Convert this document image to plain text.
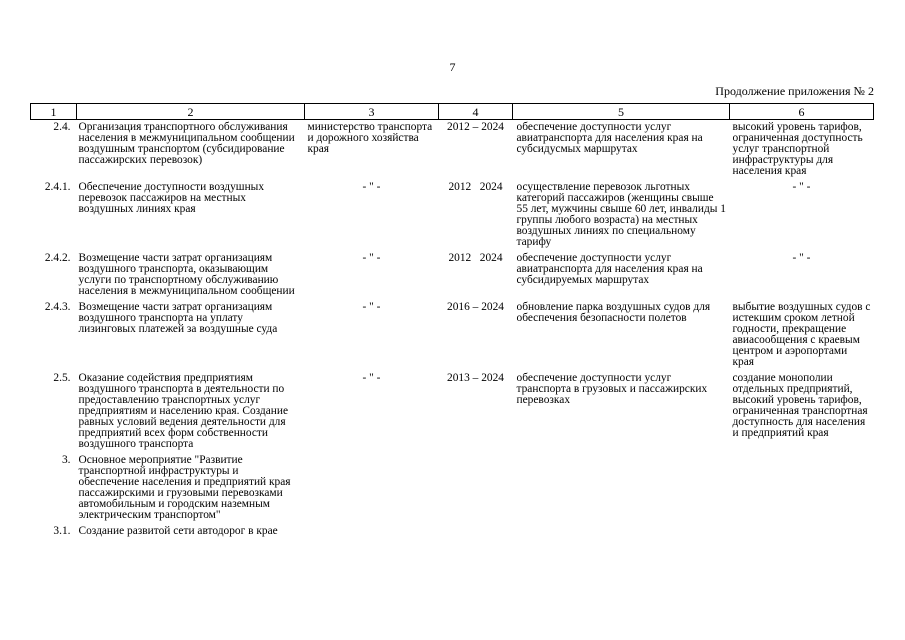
7
Продолжение приложения № 2
1	2	3	4	5	6
2.4.	Организация транспортного обслуживания населения в межмуниципальном сообщении воздушным транспортом (субсидирование пассажирских перевозок)	министерство транспорта и дорожного хозяйства края	2012 – 2024	обеспечение доступности услуг авиатранспорта для населения края на субсидусмых маршрутах	высокий уровень тарифов, ограниченная доступность услуг транспортной инфраструктуры для населения края
2.4.1.	Обеспечение доступности воздушных перевозок пассажиров на местных воздушных линиях края	- " -	2012   2024	осуществление перевозок льготных категорий пассажиров (женщины свыше 55 лет, мужчины свыше 60 лет, инвалиды 1 группы любого возраста) на местных воздушных линиях по специальному тарифу	- " -
2.4.2.	Возмещение части затрат организациям воздушного транспорта, оказывающим услуги по транспортному обслуживанию населения в межмуниципальном сообщении	- " -	2012   2024	обеспечение доступности услуг авиатранспорта для населения края на субсидируемых маршрутах	- " -
2.4.3.	Возмещение части затрат организациям воздушного транспорта на уплату лизинговых платежей за воздушные суда	- " -	2016 – 2024	обновление парка воздушных судов для обеспечения безопасности полетов	выбытие воздушных судов с истекшим сроком летной годности, прекращение авиасообщения с краевым центром и аэропортами края
2.5.	Оказание содействия предприятиям воздушного транспорта в деятельности по предоставлению транспортных услуг предприятиям и населению края. Создание равных условий ведения деятельности для предприятий всех форм собственности воздушного транспорта	- " -	2013 – 2024	обеспечение доступности услуг транспорта в грузовых и пассажирских перевозках	создание монополии отдельных предприятий, высокий уровень тарифов, ограниченная транспортная доступность для населения и предприятий края
3.	Основное мероприятие "Развитие транспортной инфраструктуры и обеспечение населения и предприятий края пассажирскими и грузовыми перевозками автомобильным и городским наземным электрическим транспортом"				
3.1.	Создание развитой сети автодорог в крае				
